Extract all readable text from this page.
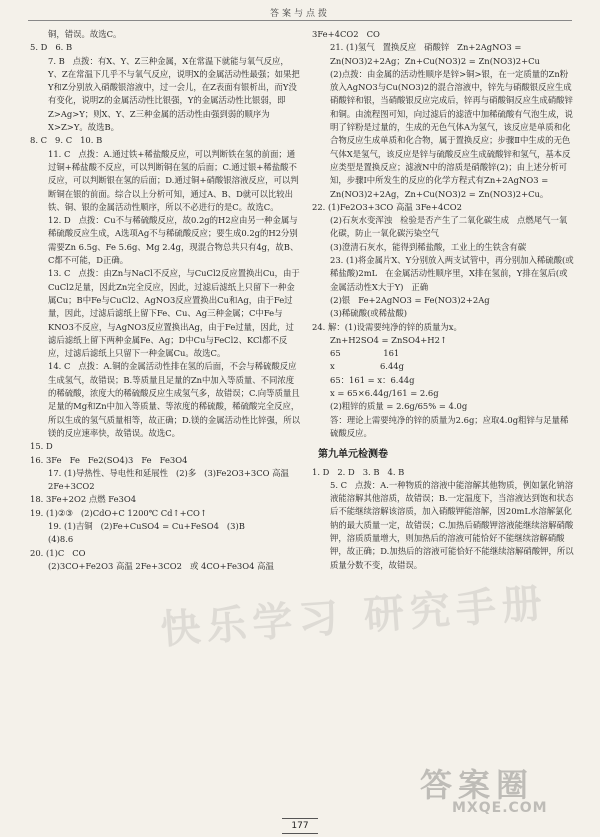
答案与点拨
铜，错误。故选C。
5. D   6. B
7. B   点拨：有X、Y、Z三种金属，X在常温下就能与氧气反应，Y、Z在常温下几乎不与氧气反应，说明X的金属活动性最强；如果把Y和Z分别放入硝酸银溶液中，过一会儿，在Z表面有银析出，而Y没有变化，说明Z的金属活动性比银强，Y的金属活动性比银弱，即Z>Ag>Y；则X、Y、Z三种金属的活动性由强到弱的顺序为X>Z>Y。故选B。
8. C   9. C   10. B
11. C   点拨：A.通过铁+稀盐酸反应，可以判断铁在氢的前面；通过铜+稀盐酸不反应，可以判断铜在氢的后面；C.通过银+稀盐酸不反应，可以判断银在氢的后面；D.通过铜+硝酸银溶液反应，可以判断铜在银的前面。综合以上分析可知，通过A、B、D就可以比较出铁、铜、银的金属活动性顺序，所以不必进行的是C。故选C。
12. D   点拨：Cu不与稀硫酸反应，故0.2g的H2应由另一种金属与稀硫酸反应生成，A选项Ag不与稀硫酸反应；要生成0.2g的H2分别需要Zn 6.5g、Fe 5.6g、Mg 2.4g，现混合物总共只有4g，故B、C都不可能，D正确。
13. C   点拨：由Zn与NaCl不反应，与CuCl2反应置换出Cu，由于CuCl2足量，因此Zn完全反应，因此，过滤后滤纸上只留下一种金属Cu；B中Fe与CuCl2、AgNO3反应置换出Cu和Ag，由于Fe过量，因此，过滤后滤纸上留下Fe、Cu、Ag三种金属；C中Fe与KNO3不反应，与AgNO3反应置换出Ag，由于Fe过量，因此，过滤后滤纸上留下两种金属Fe、Ag；D中Cu与FeCl2、KCl都不反应，过滤后滤纸上只留下一种金属Cu。故选C。
14. C   点拨：A.铜的金属活动性排在氢的后面，不会与稀硫酸反应生成氢气，故错误；B.等质量且足量的Zn中加入等质量、不同浓度的稀硫酸，浓度大的稀硫酸反应生成氢气多，故错误；C.向等质量且足量的Mg和Zn中加入等质量、等浓度的稀硫酸，稀硫酸完全反应，所以生成的氢气质量相等，故正确；D.镁的金属活动性比锌强，所以镁的反应速率快，故错误。故选C。
15. D
16. 3Fe   Fe   Fe2(SO4)3   Fe   Fe3O4
17. (1)导热性、导电性和延展性   (2)多   (3)Fe2O3+3CO 高温 2Fe+3CO2
18. 3Fe+2O2 点燃 Fe3O4
19. (1)②③   (2)CdO+C 1200℃ Cd↑+CO↑
19. (1)吉铜   (2)Fe+CuSO4 = Cu+FeSO4   (3)B
(4)8.6
20. (1)C   CO
(2)3CO+Fe2O3 高温 2Fe+3CO2   或 4CO+Fe3O4 高温
3Fe+4CO2   CO
21. (1)氢气   置换反应   硝酸锌   Zn+2AgNO3 = Zn(NO3)2+2Ag；Zn+Cu(NO3)2 = Zn(NO3)2+Cu
(2)点拨：由金属的活动性顺序是锌>铜>银，在一定质量的Zn粉放入AgNO3与Cu(NO3)2的混合溶液中，锌先与硝酸银反应生成硝酸锌和银，当硝酸银反应完成后，锌再与硝酸铜反应生成硝酸锌和铜。由流程图可知，向过滤后的滤渣中加稀硫酸有气泡生成，说明了锌粉是过量的，生成的无色气体A为氢气，该反应是单质和化合物反应生成单质和化合物，属于置换反应；步骤Ⅱ中生成的无色气体X是氢气，该反应是锌与硫酸反应生成硫酸锌和氢气，基本反应类型是置换反应；滤液N中的溶质是硝酸锌(2)；由上述分析可知，步骤Ⅰ中所发生的反应的化学方程式有Zn+2AgNO3 = Zn(NO3)2+2Ag，Zn+Cu(NO3)2 = Zn(NO3)2+Cu。
22. (1)Fe2O3+3CO 高温 3Fe+4CO2
(2)石灰水变浑浊   检验是否产生了二氧化碳生成   点燃尾气一氧化碳，防止一氧化碳污染空气
(3)澄清石灰水，能得到稀盐酸，工业上的生铁含有碳
23. (1)将金属片X、Y分别放入两支试管中，再分别加入稀硫酸(或稀盐酸)2mL   在金属活动性顺序里，X排在氢前，Y排在氢后(或金属活动性X大于Y)   正确
(2)银   Fe+2AgNO3 = Fe(NO3)2+2Ag
(3)稀硫酸(或稀盐酸)
24. 解：(1)设需要纯净的锌的质量为x。
Zn+H2SO4 = ZnSO4+H2↑
65                161
x                 6.44g
65：161 = x：6.44g
x = 65×6.44g/161 = 2.6g
(2)粗锌的质量 = 2.6g/65% = 4.0g
答：理论上需要纯净的锌的质量为2.6g；应取4.0g粗锌与足量稀硫酸反应。
第九单元检测卷
1. D   2. D   3. B   4. B
5. C   点拨：A.一种物质的溶液中能溶解其他物质，例如氯化钠溶液能溶解其他溶质，故错误；B.一定温度下，当溶液达到饱和状态后不能继续溶解该溶质，加入硝酸钾能溶解，因20mL水溶解氯化钠的最大质量一定，故错误；C.加热后硝酸钾溶液能继续溶解硝酸钾，溶质质量增大，则加热后的溶液可能恰好不能继续溶解硝酸钾，故正确；D.加热后的溶液可能恰好不能继续溶解硝酸钾，所以质量分数不变，故错误。
快乐学习 研究手册
答案圈
MXQE.COM
177
